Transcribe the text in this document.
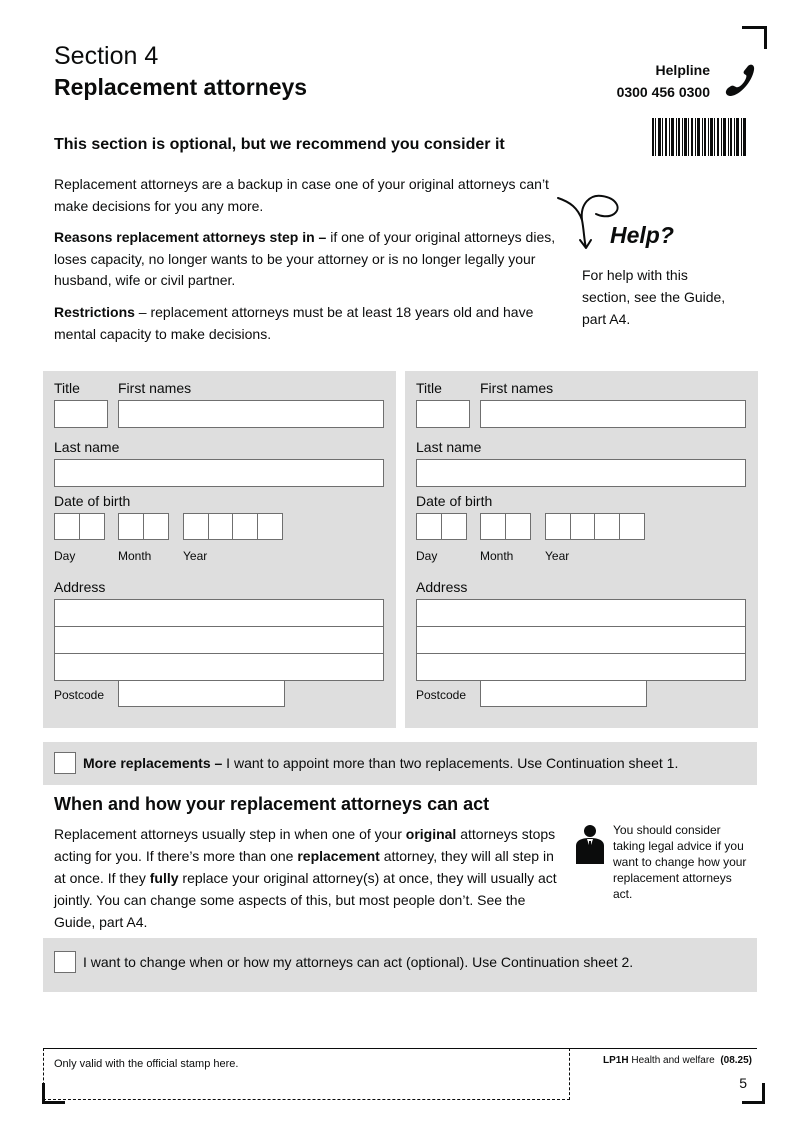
Section 4
Replacement attorneys
Helpline
0300 456 0300
This section is optional, but we recommend you consider it
Replacement attorneys are a backup in case one of your original attorneys can’t make decisions for you any more.
Reasons replacement attorneys step in – if one of your original attorneys dies, loses capacity, no longer wants to be your attorney or is no longer legally your husband, wife or civil partner.
Restrictions – replacement attorneys must be at least 18 years old and have mental capacity to make decisions.
Help?
For help with this section, see the Guide, part A4.
Title	First names
Last name
Date of birth
Day	Month	Year
Address
Postcode
Title	First names
Last name
Date of birth
Day	Month	Year
Address
Postcode
More replacements – I want to appoint more than two replacements. Use Continuation sheet 1.
When and how your replacement attorneys can act
Replacement attorneys usually step in when one of your original attorneys stops acting for you. If there’s more than one replacement attorney, they will all step in at once. If they fully replace your original attorney(s) at once, they will usually act jointly. You can change some aspects of this, but most people don’t. See the Guide, part A4.
You should consider taking legal advice if you want to change how your replacement attorneys act.
I want to change when or how my attorneys can act (optional). Use Continuation sheet 2.
Only valid with the official stamp here.	LP1H Health and welfare (08.25)
5
